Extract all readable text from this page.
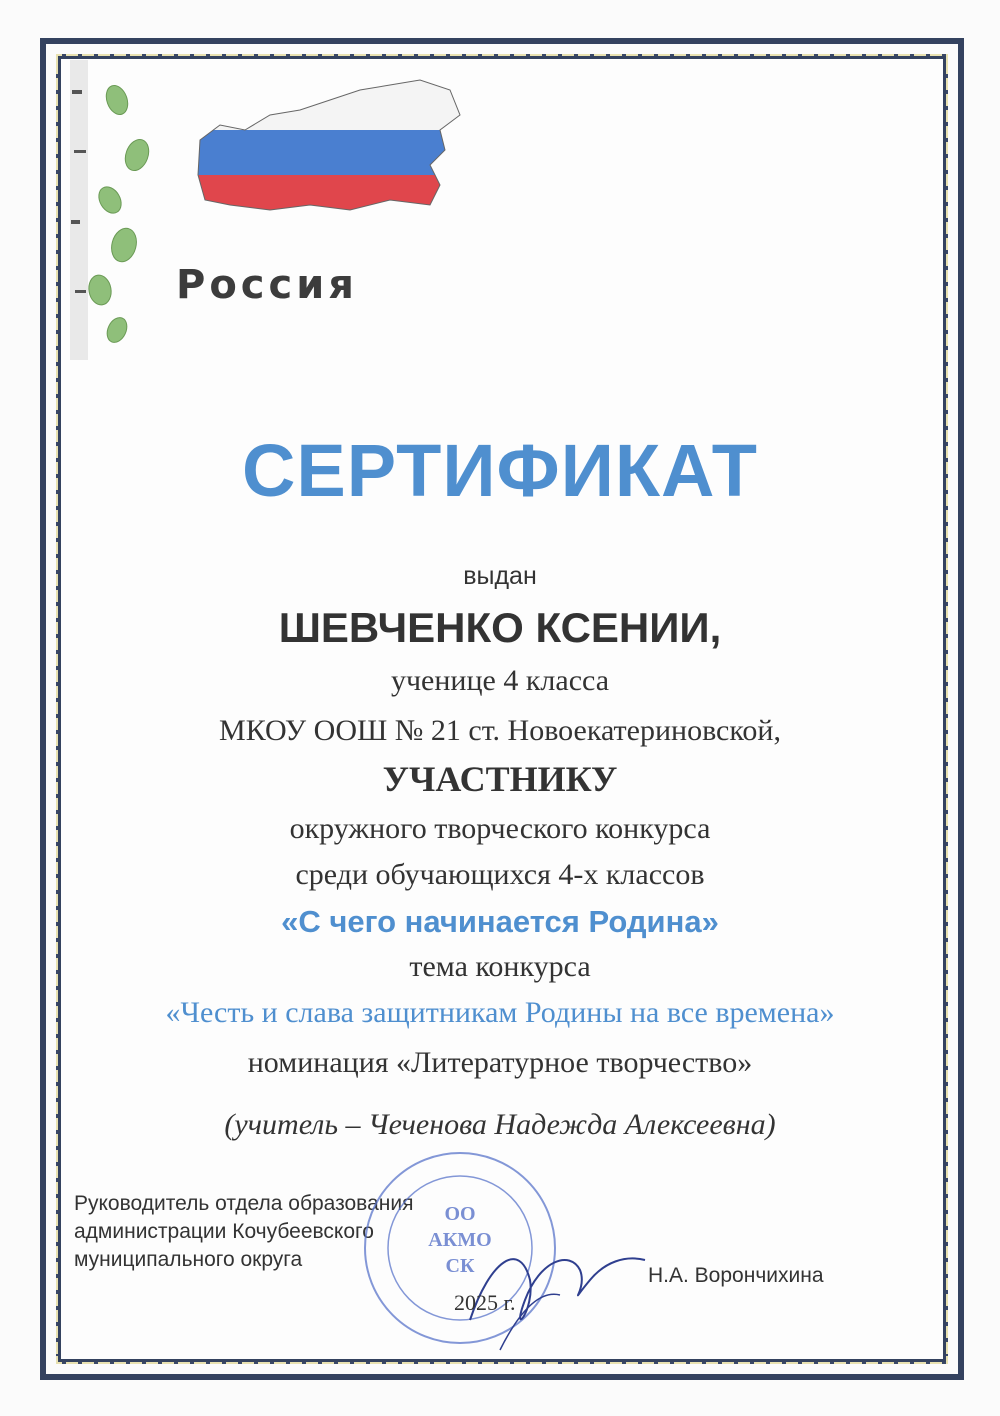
Россия
СЕРТИФИКАТ
выдан
ШЕВЧЕНКО КСЕНИИ,
ученице 4 класса
МКОУ ООШ № 21 ст. Новоекатериновской,
УЧАСТНИКУ
окружного творческого конкурса
среди обучающихся 4-х классов
«С чего начинается Родина»
тема конкурса
«Честь и слава защитникам Родины на все времена»
номинация «Литературное творчество»
(учитель – Чеченова Надежда Алексеевна)
Руководитель отдела образования
администрации Кочубеевского
муниципального округа
ОО
АКМО
СК
2025 г.
Н.А. Ворончихина
